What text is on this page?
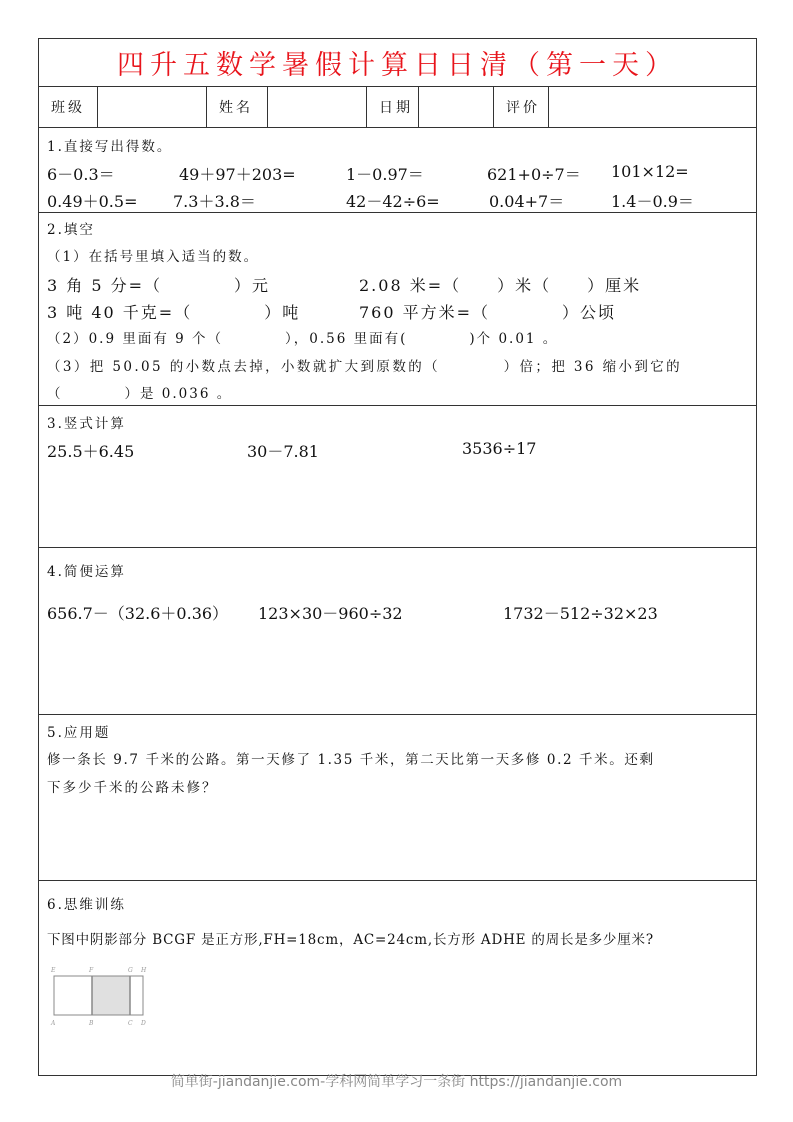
四升五数学暑假计算日日清（第一天）
班级	姓名	日期	评价
1.直接写出得数。
6－0.3＝	49＋97＋203=	1－0.97＝	621+0÷7＝ 101×12=
0.49＋0.5= 7.3＋3.8＝	42－42÷6=	0.04+7＝	1.4－0.9＝
2.填空
（1）在括号里填入适当的数。
3 角 5 分=（　　　　）元	2.08 米=（　　）米（　　）厘米
3 吨 40 千克=（　　　　）吨	760 平方米=（　　　　）公顷
（2）0.9 里面有 9 个（　　　　），0.56 里面有(　　　　)个 0.01 。
（3）把 50.05 的小数点去掉，小数就扩大到原数的（　　　　）倍；把 36 缩小到它的
（　　　　）是 0.036 。
3.竖式计算
25.5＋6.45	30－7.81	3536÷17
4.简便运算
656.7－（32.6＋0.36） 123×30－960÷32	1732－512÷32×23
5.应用题
修一条长 9.7 千米的公路。第一天修了 1.35 千米，第二天比第一天多修 0.2 千米。还剩
下多少千米的公路未修？
6.思维训练
下图中阴影部分 BCGF 是正方形,FH=18cm，AC=24cm,长方形 ADHE 的周长是多少厘米?
E	F	G H
A	B	C D
简单街-jiandanjie.com-学科网简单学习一条街 https://jiandanjie.com
